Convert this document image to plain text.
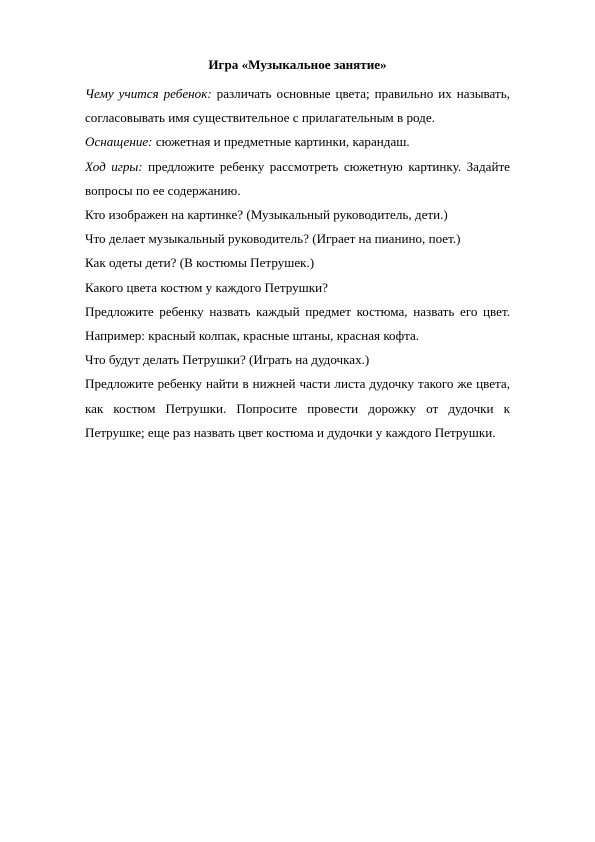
Игра «Музыкальное занятие»

Чему учится ребенок: различать основные цвета; правильно их называть, согласовывать имя существительное с прилагательным в роде.

Оснащение: сюжетная и предметные картинки, карандаш.

Ход игры: предложите ребенку рассмотреть сюжетную картинку. Задайте вопросы по ее содержанию.

Кто изображен на картинке? (Музыкальный руководитель, дети.)

Что делает музыкальный руководитель? (Играет на пианино, поет.)

Как одеты дети? (В костюмы Петрушек.)

Какого цвета костюм у каждого Петрушки?

Предложите ребенку назвать каждый предмет костюма, назвать его цвет. Например: красный колпак, красные штаны, красная кофта.

Что будут делать Петрушки? (Играть на дудочках.)

Предложите ребенку найти в нижней части листа дудочку такого же цвета, как костюм Петрушки. Попросите провести дорожку от дудочки к Петрушке; еще раз назвать цвет костюма и дудочки у каждого Петрушки.
